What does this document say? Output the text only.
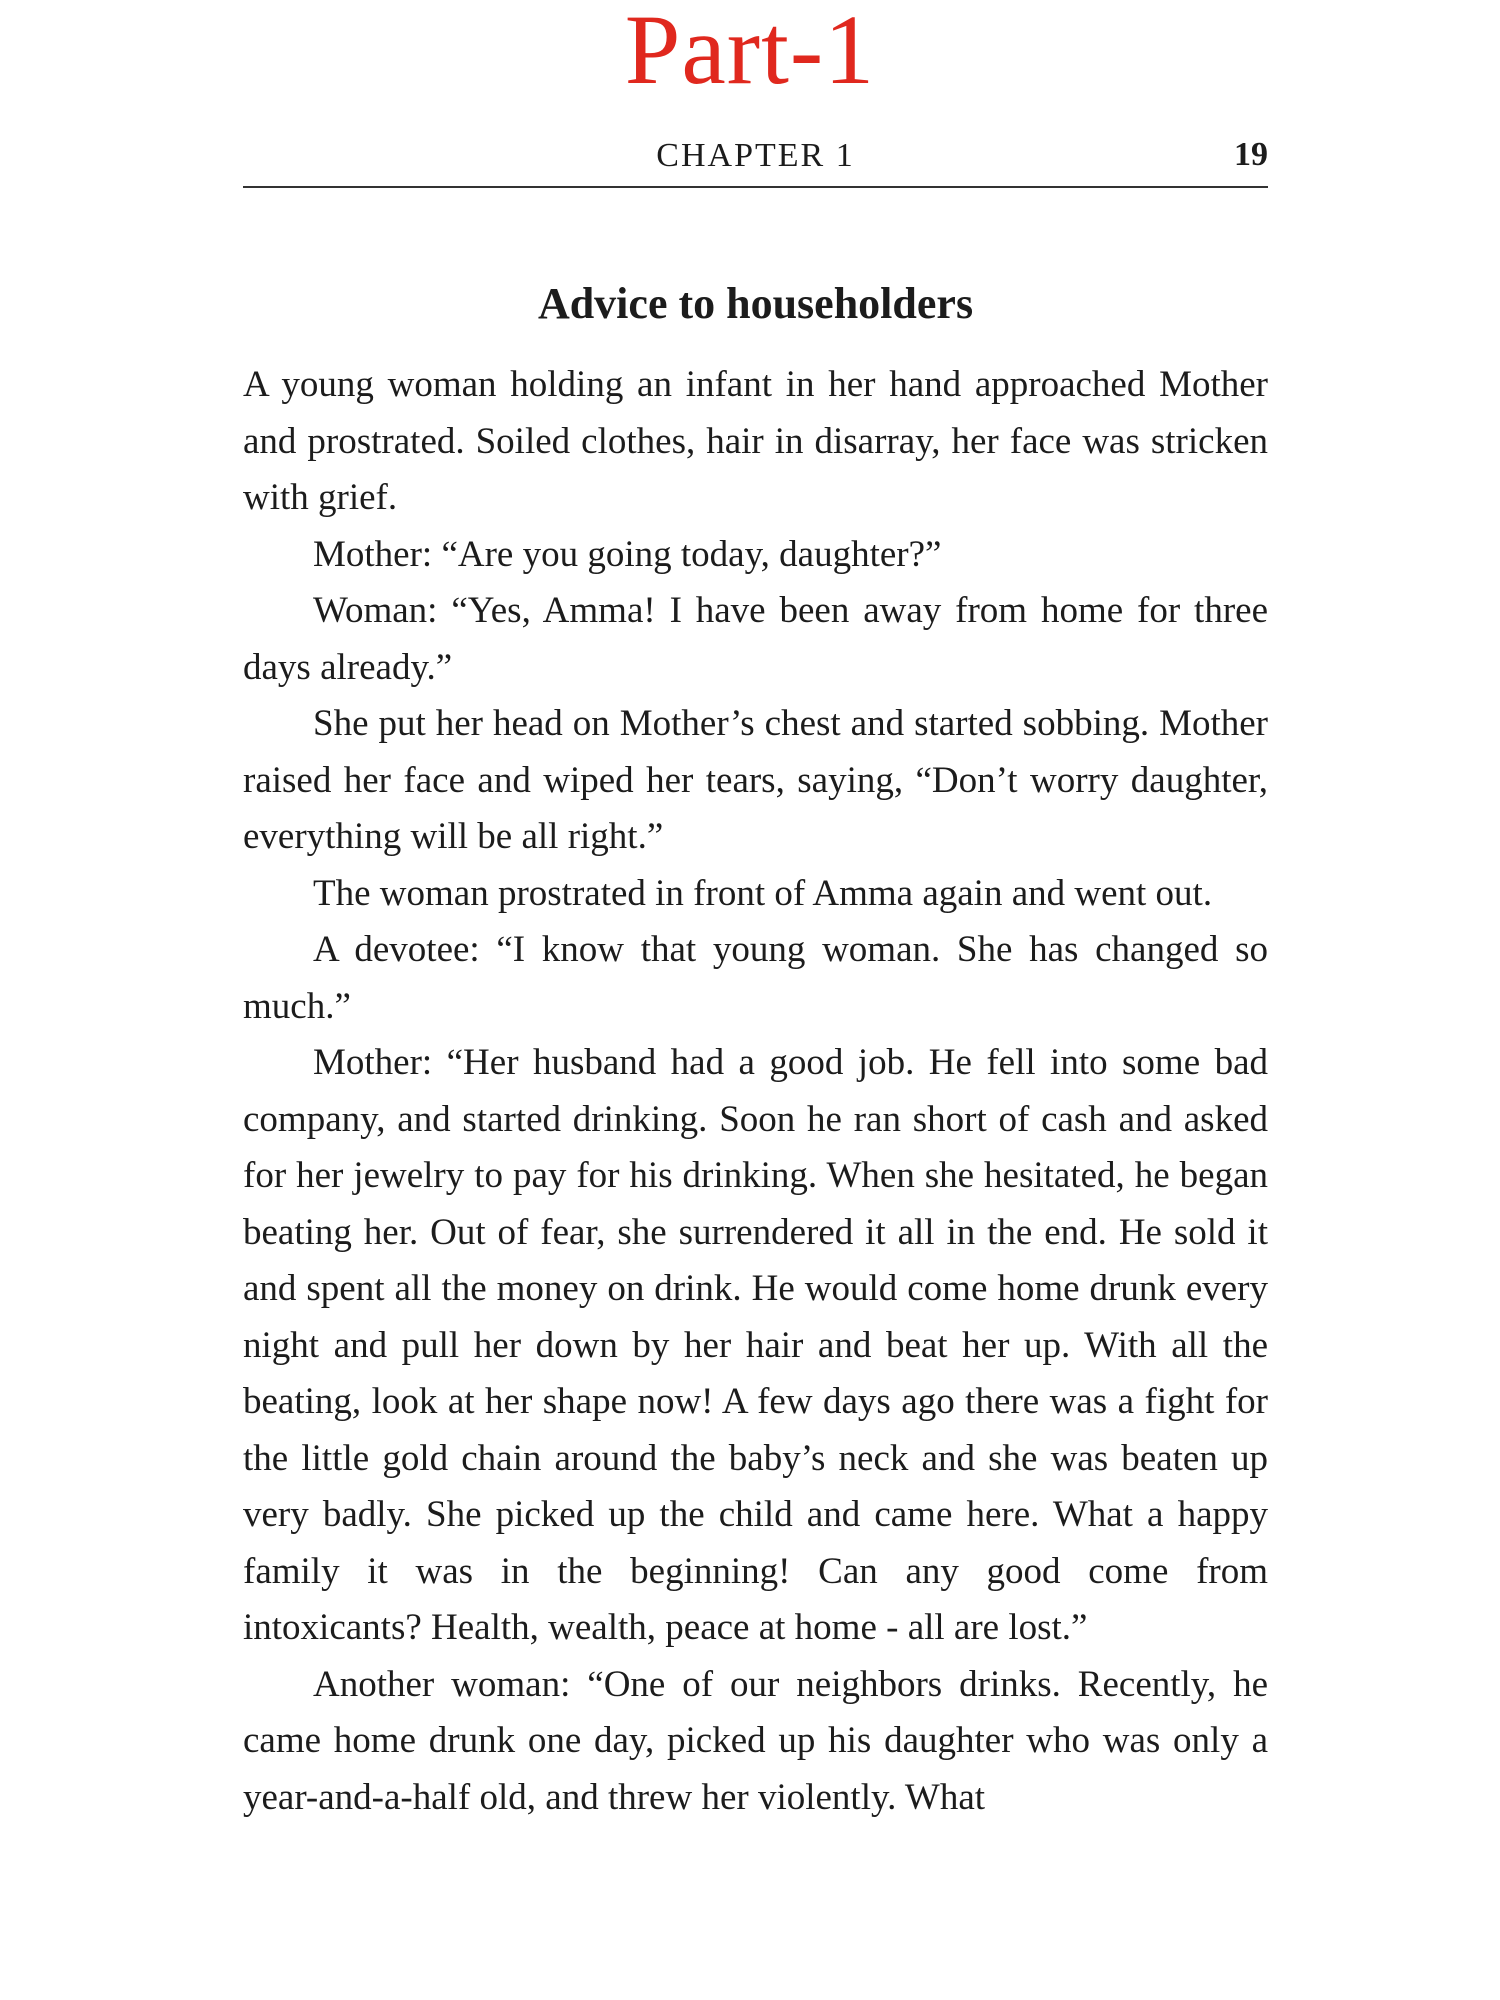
Part-1
CHAPTER 1	19
Advice to householders

A young woman holding an infant in her hand approached Mother and prostrated. Soiled clothes, hair in disarray, her face was stricken with grief.

Mother: “Are you going today, daughter?”

Woman: “Yes, Amma! I have been away from home for three days already.”

She put her head on Mother’s chest and started sobbing. Mother raised her face and wiped her tears, saying, “Don’t worry daughter, everything will be all right.”

The woman prostrated in front of Amma again and went out.

A devotee: “I know that young woman. She has changed so much.”

Mother: “Her husband had a good job. He fell into some bad company, and started drinking. Soon he ran short of cash and asked for her jewelry to pay for his drinking. When she hesitated, he began beating her. Out of fear, she surrendered it all in the end. He sold it and spent all the money on drink. He would come home drunk every night and pull her down by her hair and beat her up. With all the beating, look at her shape now! A few days ago there was a fight for the little gold chain around the baby’s neck and she was beaten up very badly. She picked up the child and came here. What a happy family it was in the beginning! Can any good come from intoxicants? Health, wealth, peace at home - all are lost.”

Another woman: “One of our neighbors drinks. Recently, he came home drunk one day, picked up his daughter who was only a year-and-a-half old, and threw her violently. What
